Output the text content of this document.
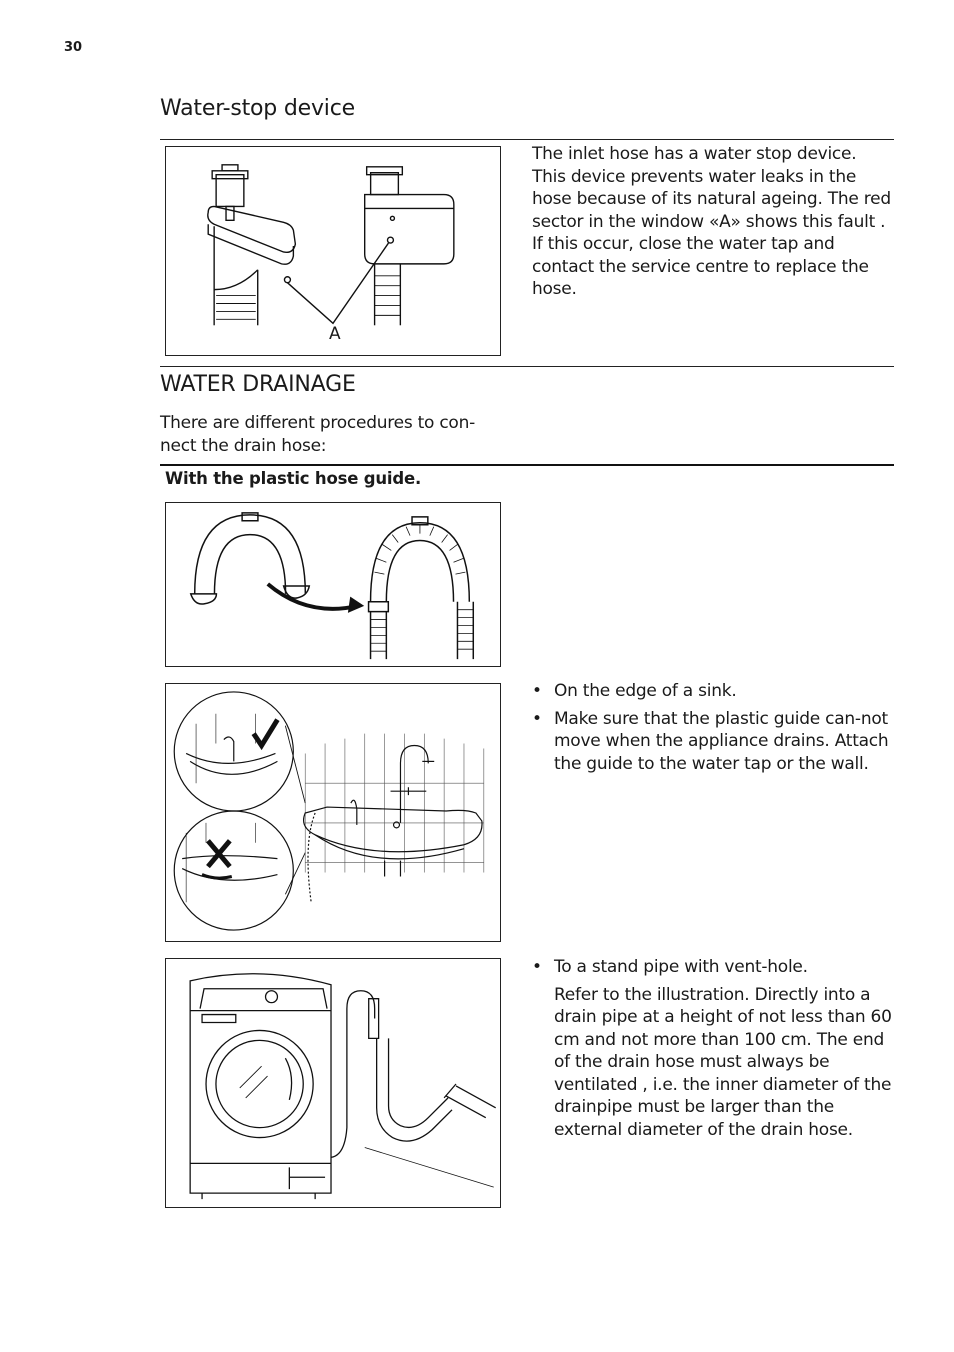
30
Water-stop device
A

The inlet hose has a water stop device. This device prevents water leaks in the hose because of its natural ageing. The red sector in the window «A» shows this fault .

If this occur, close the water tap and contact the service centre to replace the hose.

WATER DRAINAGE
There are different procedures to con-nect the drain hose:
With the plastic hose guide.
• On the edge of a sink.
• Make sure that the plastic guide can-not move when the appliance drains. Attach the guide to the water tap or the wall.
• To a stand pipe with vent-hole.

Refer to the illustration. Directly into a drain pipe at a height of not less than 60 cm and not more than 100 cm. The end of the drain hose must always be ventilated , i.e. the inner diameter of the drainpipe must be larger than the external diameter of the drain hose.
